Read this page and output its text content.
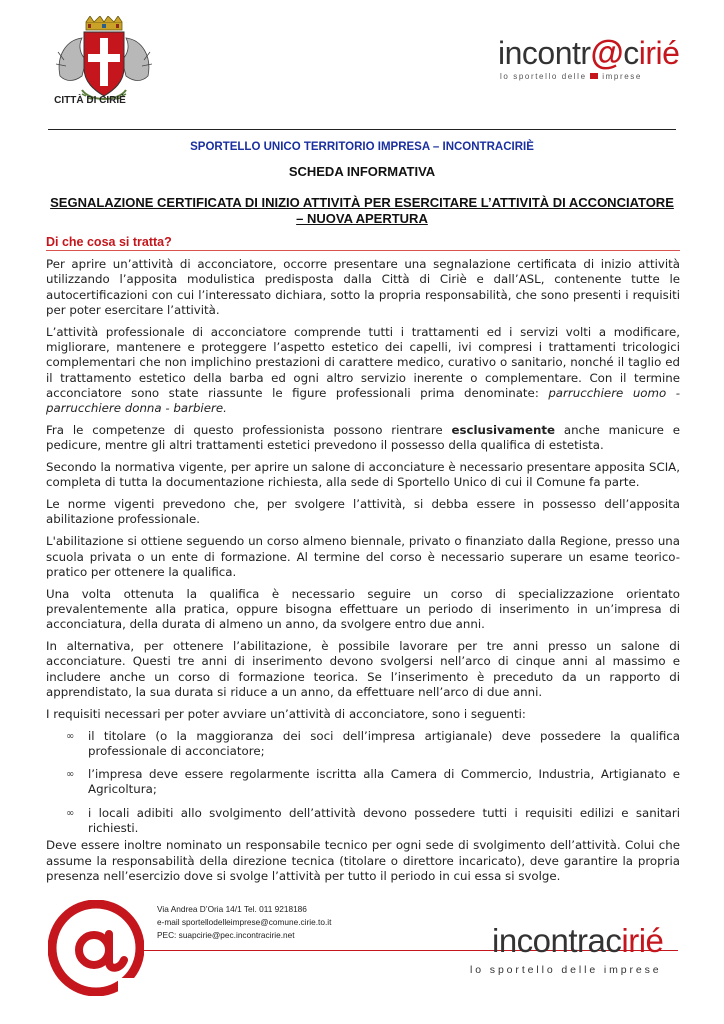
CITTÀ DI CIRIÈ
incontr@cirié
lo sportello delle imprese
SPORTELLO UNICO TERRITORIO IMPRESA – INCONTRACIRIÈ
SCHEDA INFORMATIVA
SEGNALAZIONE CERTIFICATA DI INIZIO ATTIVITÀ PER ESERCITARE L’ATTIVITÀ DI ACCONCIATORE – NUOVA APERTURA
Di che cosa si tratta?

Per aprire un’attività di acconciatore, occorre presentare una segnalazione certificata di inizio attività utilizzando l’apposita modulistica predisposta dalla Città di Ciriè e dall’ASL, contenente tutte le autocertificazioni con cui l’interessato dichiara, sotto la propria responsabilità, che sono presenti i requisiti per poter esercitare l’attività.

L’attività professionale di acconciatore comprende tutti i trattamenti ed i servizi volti a modificare, migliorare, mantenere e proteggere l’aspetto estetico dei capelli, ivi compresi i trattamenti tricologici complementari che non implichino prestazioni di carattere medico, curativo o sanitario, nonché il taglio ed il trattamento estetico della barba ed ogni altro servizio inerente o complementare. Con il termine acconciatore sono state riassunte le figure professionali prima denominate: parrucchiere uomo - parrucchiere donna - barbiere.

Fra le competenze di questo professionista possono rientrare esclusivamente anche manicure e pedicure, mentre gli altri trattamenti estetici prevedono il possesso della qualifica di estetista.

Secondo la normativa vigente, per aprire un salone di acconciature è necessario presentare apposita SCIA, completa di tutta la documentazione richiesta, alla sede di Sportello Unico di cui il Comune fa parte.

Le norme vigenti prevedono che, per svolgere l’attività, si debba essere in possesso dell’apposita abilitazione professionale.

L'abilitazione si ottiene seguendo un corso almeno biennale, privato o finanziato dalla Regione, presso una scuola privata o un ente di formazione. Al termine del corso è necessario superare un esame teorico-pratico per ottenere la qualifica.

Una volta ottenuta la qualifica è necessario seguire un corso di specializzazione orientato prevalentemente alla pratica, oppure bisogna effettuare un periodo di inserimento in un’impresa di acconciatura, della durata di almeno un anno, da svolgere entro due anni.

In alternativa, per ottenere l’abilitazione, è possibile lavorare per tre anni presso un salone di acconciature. Questi tre anni di inserimento devono svolgersi nell’arco di cinque anni al massimo e includere anche un corso di formazione teorica. Se l’inserimento è preceduto da un rapporto di apprendistato, la sua durata si riduce a un anno, da effettuare nell’arco di due anni.

I requisiti necessari per poter avviare un’attività di acconciatore, sono i seguenti:

∞ il titolare (o la maggioranza dei soci dell’impresa artigianale) deve possedere la qualifica professionale di acconciatore;
∞ l’impresa deve essere regolarmente iscritta alla Camera di Commercio, Industria, Artigianato e Agricoltura;
∞ i locali adibiti allo svolgimento dell’attività devono possedere tutti i requisiti edilizi e sanitari richiesti.

Deve essere inoltre nominato un responsabile tecnico per ogni sede di svolgimento dell’attività. Colui che assume la responsabilità della direzione tecnica (titolare o direttore incaricato), deve garantire la propria presenza nell’esercizio dove si svolge l’attività per tutto il periodo in cui essa si svolge.

Via Andrea D’Oria 14/1 Tel. 011 9218186
e-mail sportellodelleimprese@comune.cirie.to.it
PEC: suapcirie@pec.incontracirie.net	incontracirié
lo sportello delle imprese
